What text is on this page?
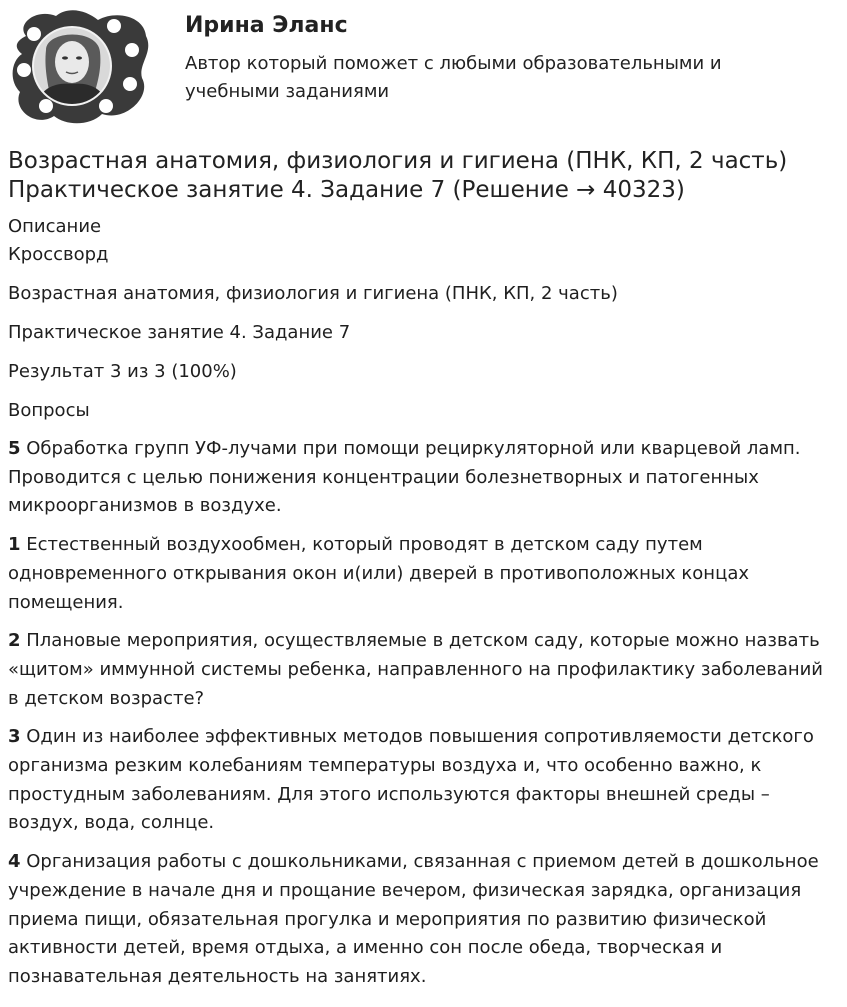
Ирина Эланс
Автор который поможет с любыми образовательными и учебными заданиями
Возрастная анатомия, физиология и гигиена (ПНК, КП, 2 часть)
Практическое занятие 4. Задание 7 (Решение → 40323)

Описание

Кроссворд

Возрастная анатомия, физиология и гигиена (ПНК, КП, 2 часть)

Практическое занятие 4. Задание 7

Результат 3 из 3 (100%)

Вопросы

5 Обработка групп УФ-лучами при помощи рециркуляторной или кварцевой ламп. Проводится с целью понижения концентрации болезнетворных и патогенных микроорганизмов в воздухе.

1 Естественный воздухообмен, который проводят в детском саду путем одновременного открывания окон и(или) дверей в противоположных концах помещения.

2 Плановые мероприятия, осуществляемые в детском саду, которые можно назвать «щитом» иммунной системы ребенка, направленного на профилактику заболеваний в детском возрасте?

3 Один из наиболее эффективных методов повышения сопротивляемости детского организма резким колебаниям температуры воздуха и, что особенно важно, к простудным заболеваниям. Для этого используются факторы внешней среды – воздух, вода, солнце.

4 Организация работы с дошкольниками, связанная с приемом детей в дошкольное учреждение в начале дня и прощание вечером, физическая зарядка, организация приема пищи, обязательная прогулка и мероприятия по развитию физической активности детей, время отдыха, а именно сон после обеда, творческая и познавательная деятельность на занятиях.
